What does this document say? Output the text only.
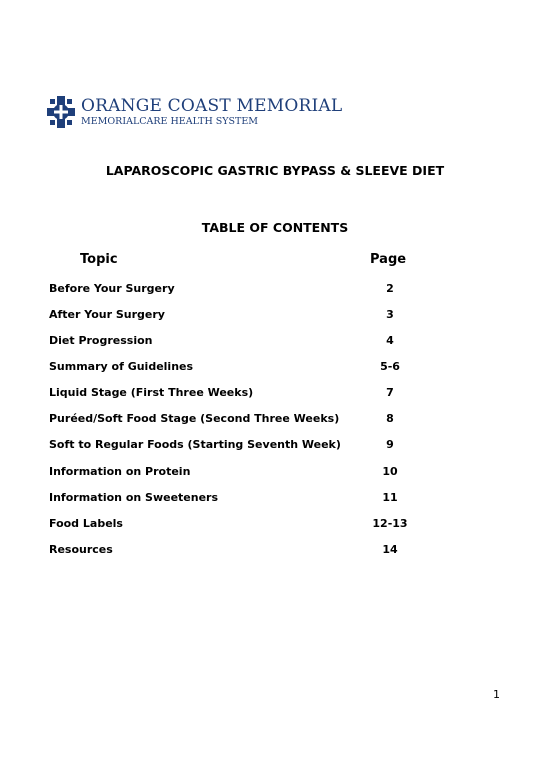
ORANGE COAST MEMORIAL
MEMORIALCARE HEALTH SYSTEM
LAPAROSCOPIC GASTRIC BYPASS & SLEEVE DIET
TABLE OF CONTENTS
Topic	Page
Before Your Surgery	2
After Your Surgery	3
Diet Progression	4
Summary of Guidelines	5-6
Liquid Stage (First Three Weeks)	7
Puréed/Soft Food Stage (Second Three Weeks)	8
Soft to Regular Foods (Starting Seventh Week)	9
Information on Protein	10
Information on Sweeteners	11
Food Labels	12-13
Resources	14
1
